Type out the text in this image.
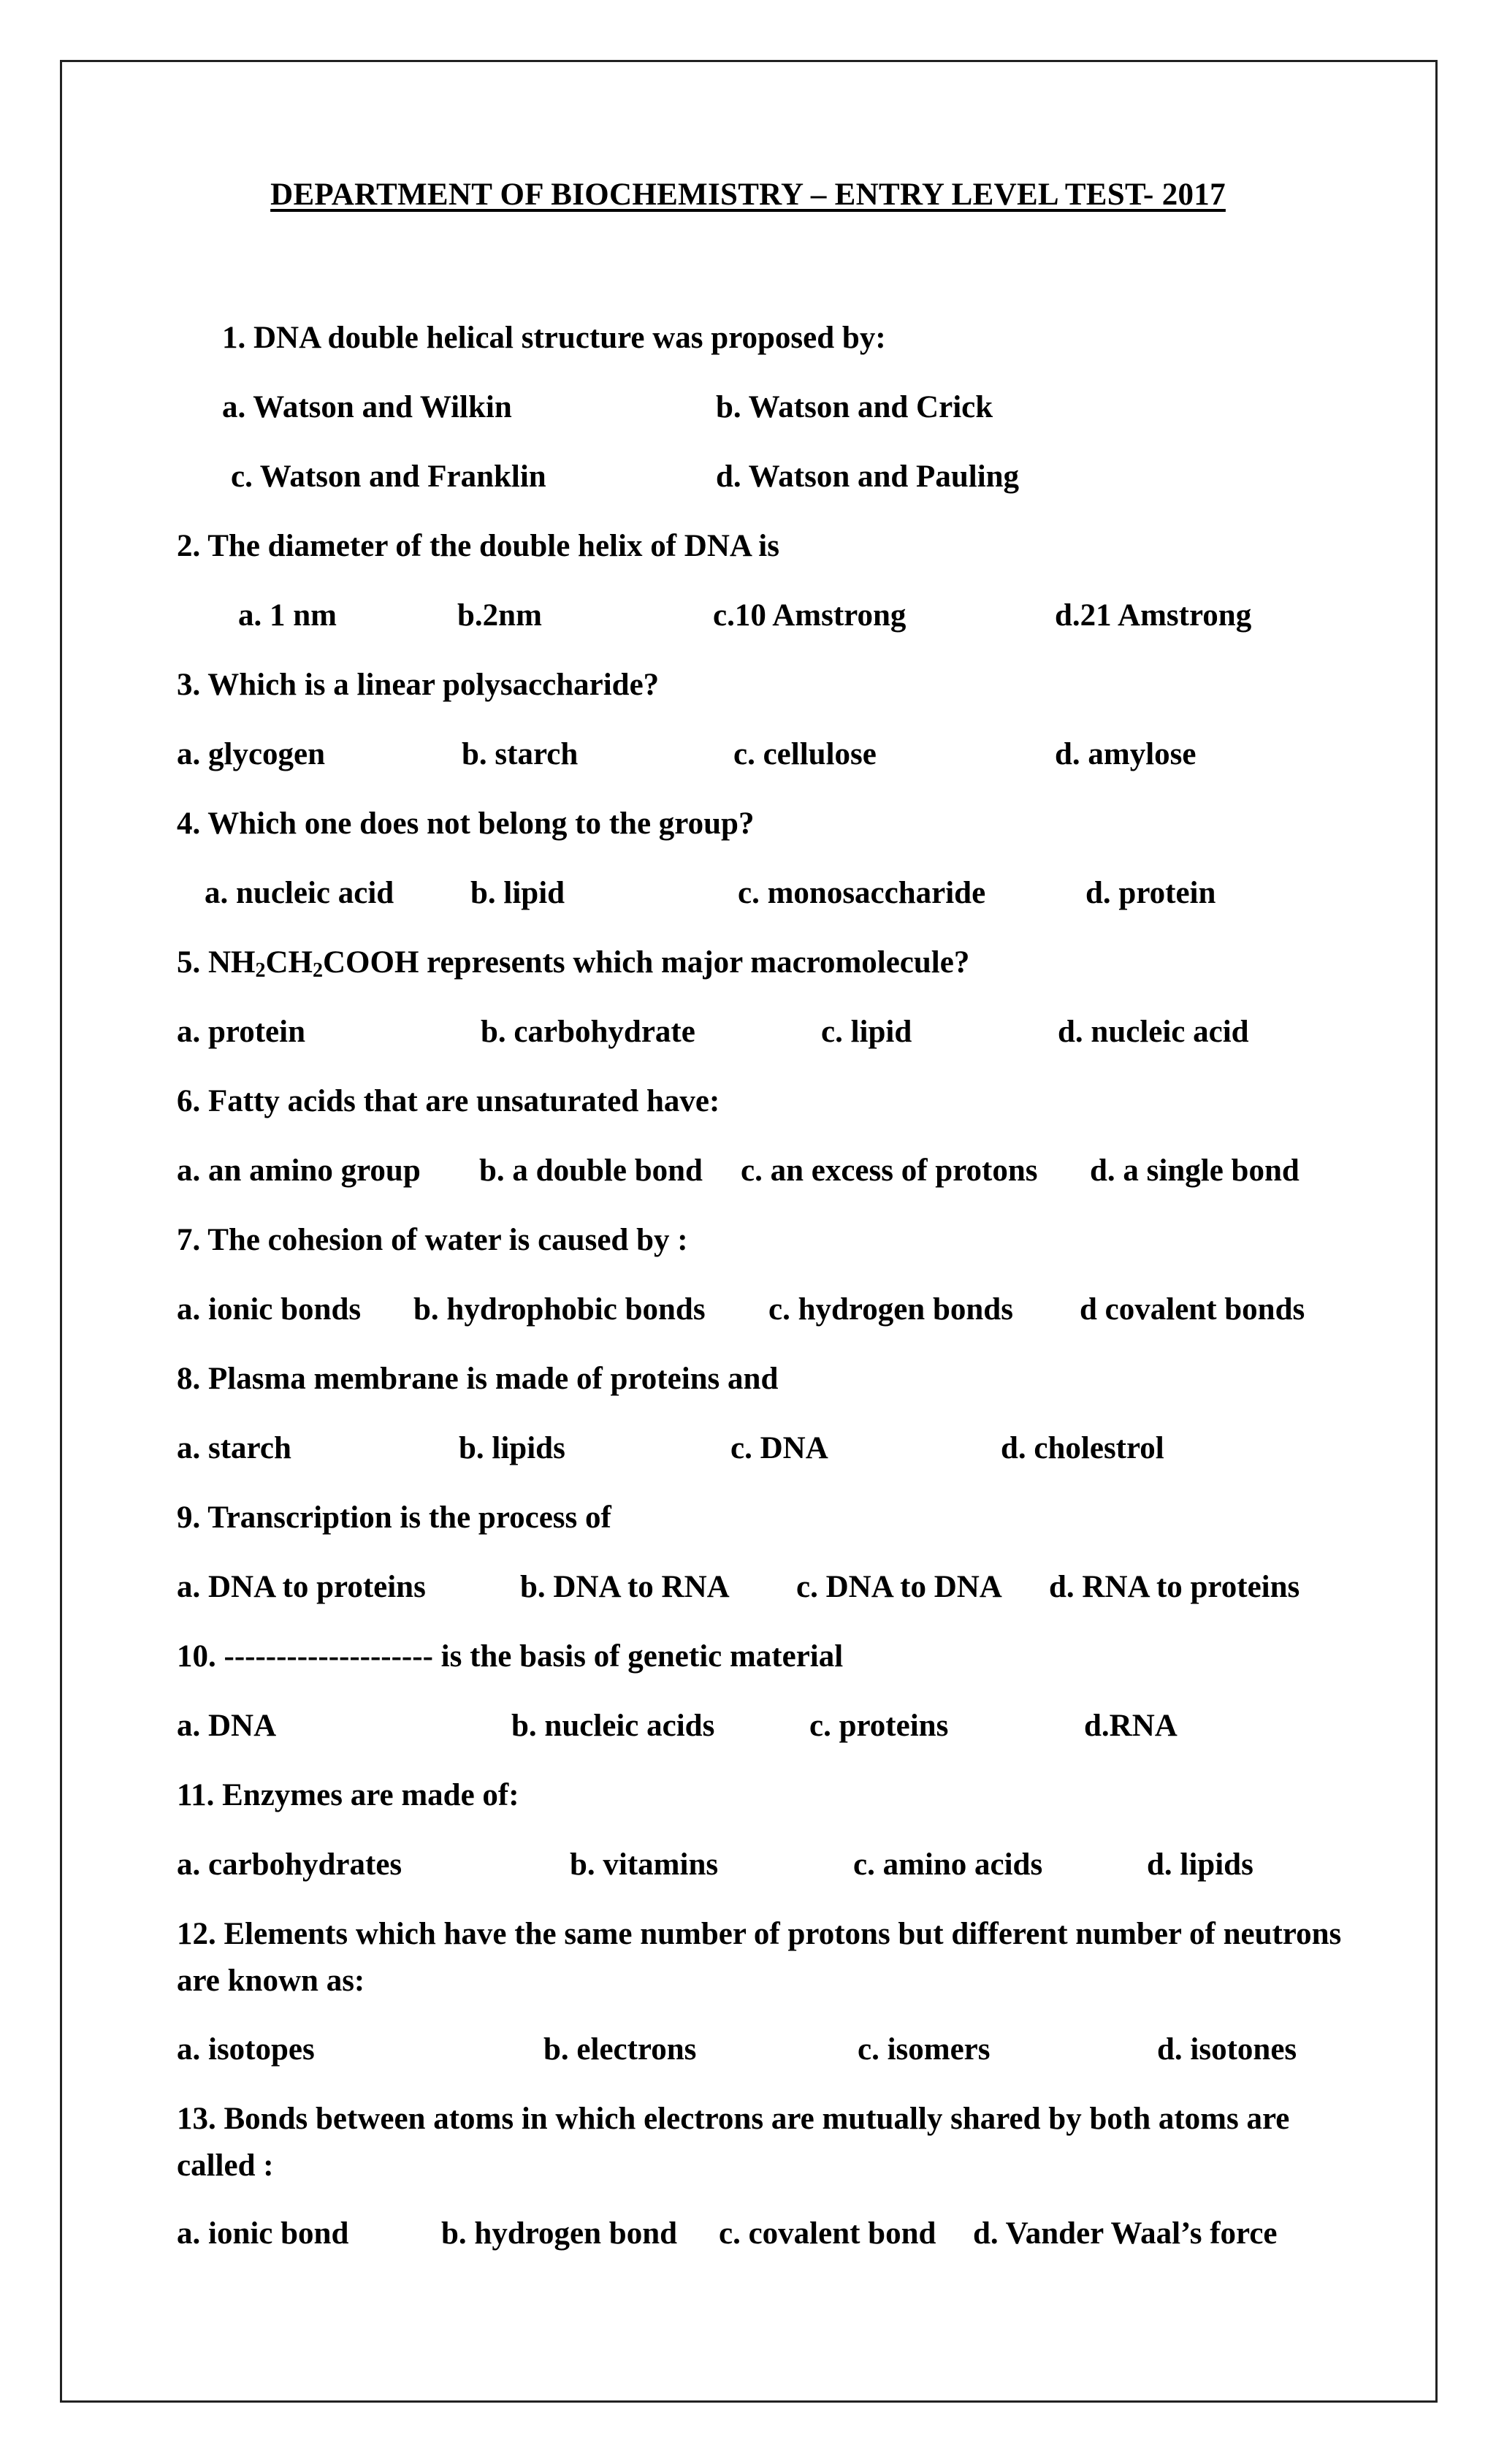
DEPARTMENT OF BIOCHEMISTRY – ENTRY LEVEL TEST- 2017
1. DNA double helical structure was proposed by:
a. Watson and Wilkin	b. Watson and Crick
c. Watson and Franklin	d. Watson and Pauling
2. The diameter of the double helix of DNA is
a. 1 nm	b.2nm	c.10 Amstrong	d.21 Amstrong
3. Which is a linear polysaccharide?
a. glycogen	b. starch	c. cellulose	d. amylose
4. Which one does not belong to the group?
a. nucleic acid b. lipid	c. monosaccharide	d. protein
5. $NH_2CH_2COOH$ represents which major macromolecule?
a. protein	b. carbohydrate	c. lipid	d. nucleic acid
6. Fatty acids that are unsaturated have:
a. an amino group b. a double bond c. an excess of protons d. a single bond
7. The cohesion of water is caused by :
a. ionic bonds b. hydrophobic bonds c. hydrogen bonds d covalent bonds
8. Plasma membrane is made of proteins and
a. starch	b. lipids	c. DNA	d. cholestrol
9. Transcription is the process of
a. DNA to proteins	b. DNA to RNA c. DNA to DNA d. RNA to proteins
10. -------------------- is the basis of genetic material
a. DNA	b. nucleic acids	c. proteins	d.RNA
11. Enzymes are made of:
a. carbohydrates	b. vitamins	c. amino acids	d. lipids
12. Elements which have the same number of protons but different number of neutrons are known as:
a. isotopes	b. electrons	c. isomers	d. isotones
13. Bonds between atoms in which electrons are mutually shared by both atoms are called :
a. ionic bond	b. hydrogen bond c. covalent bond d. Vander Waal’s force
